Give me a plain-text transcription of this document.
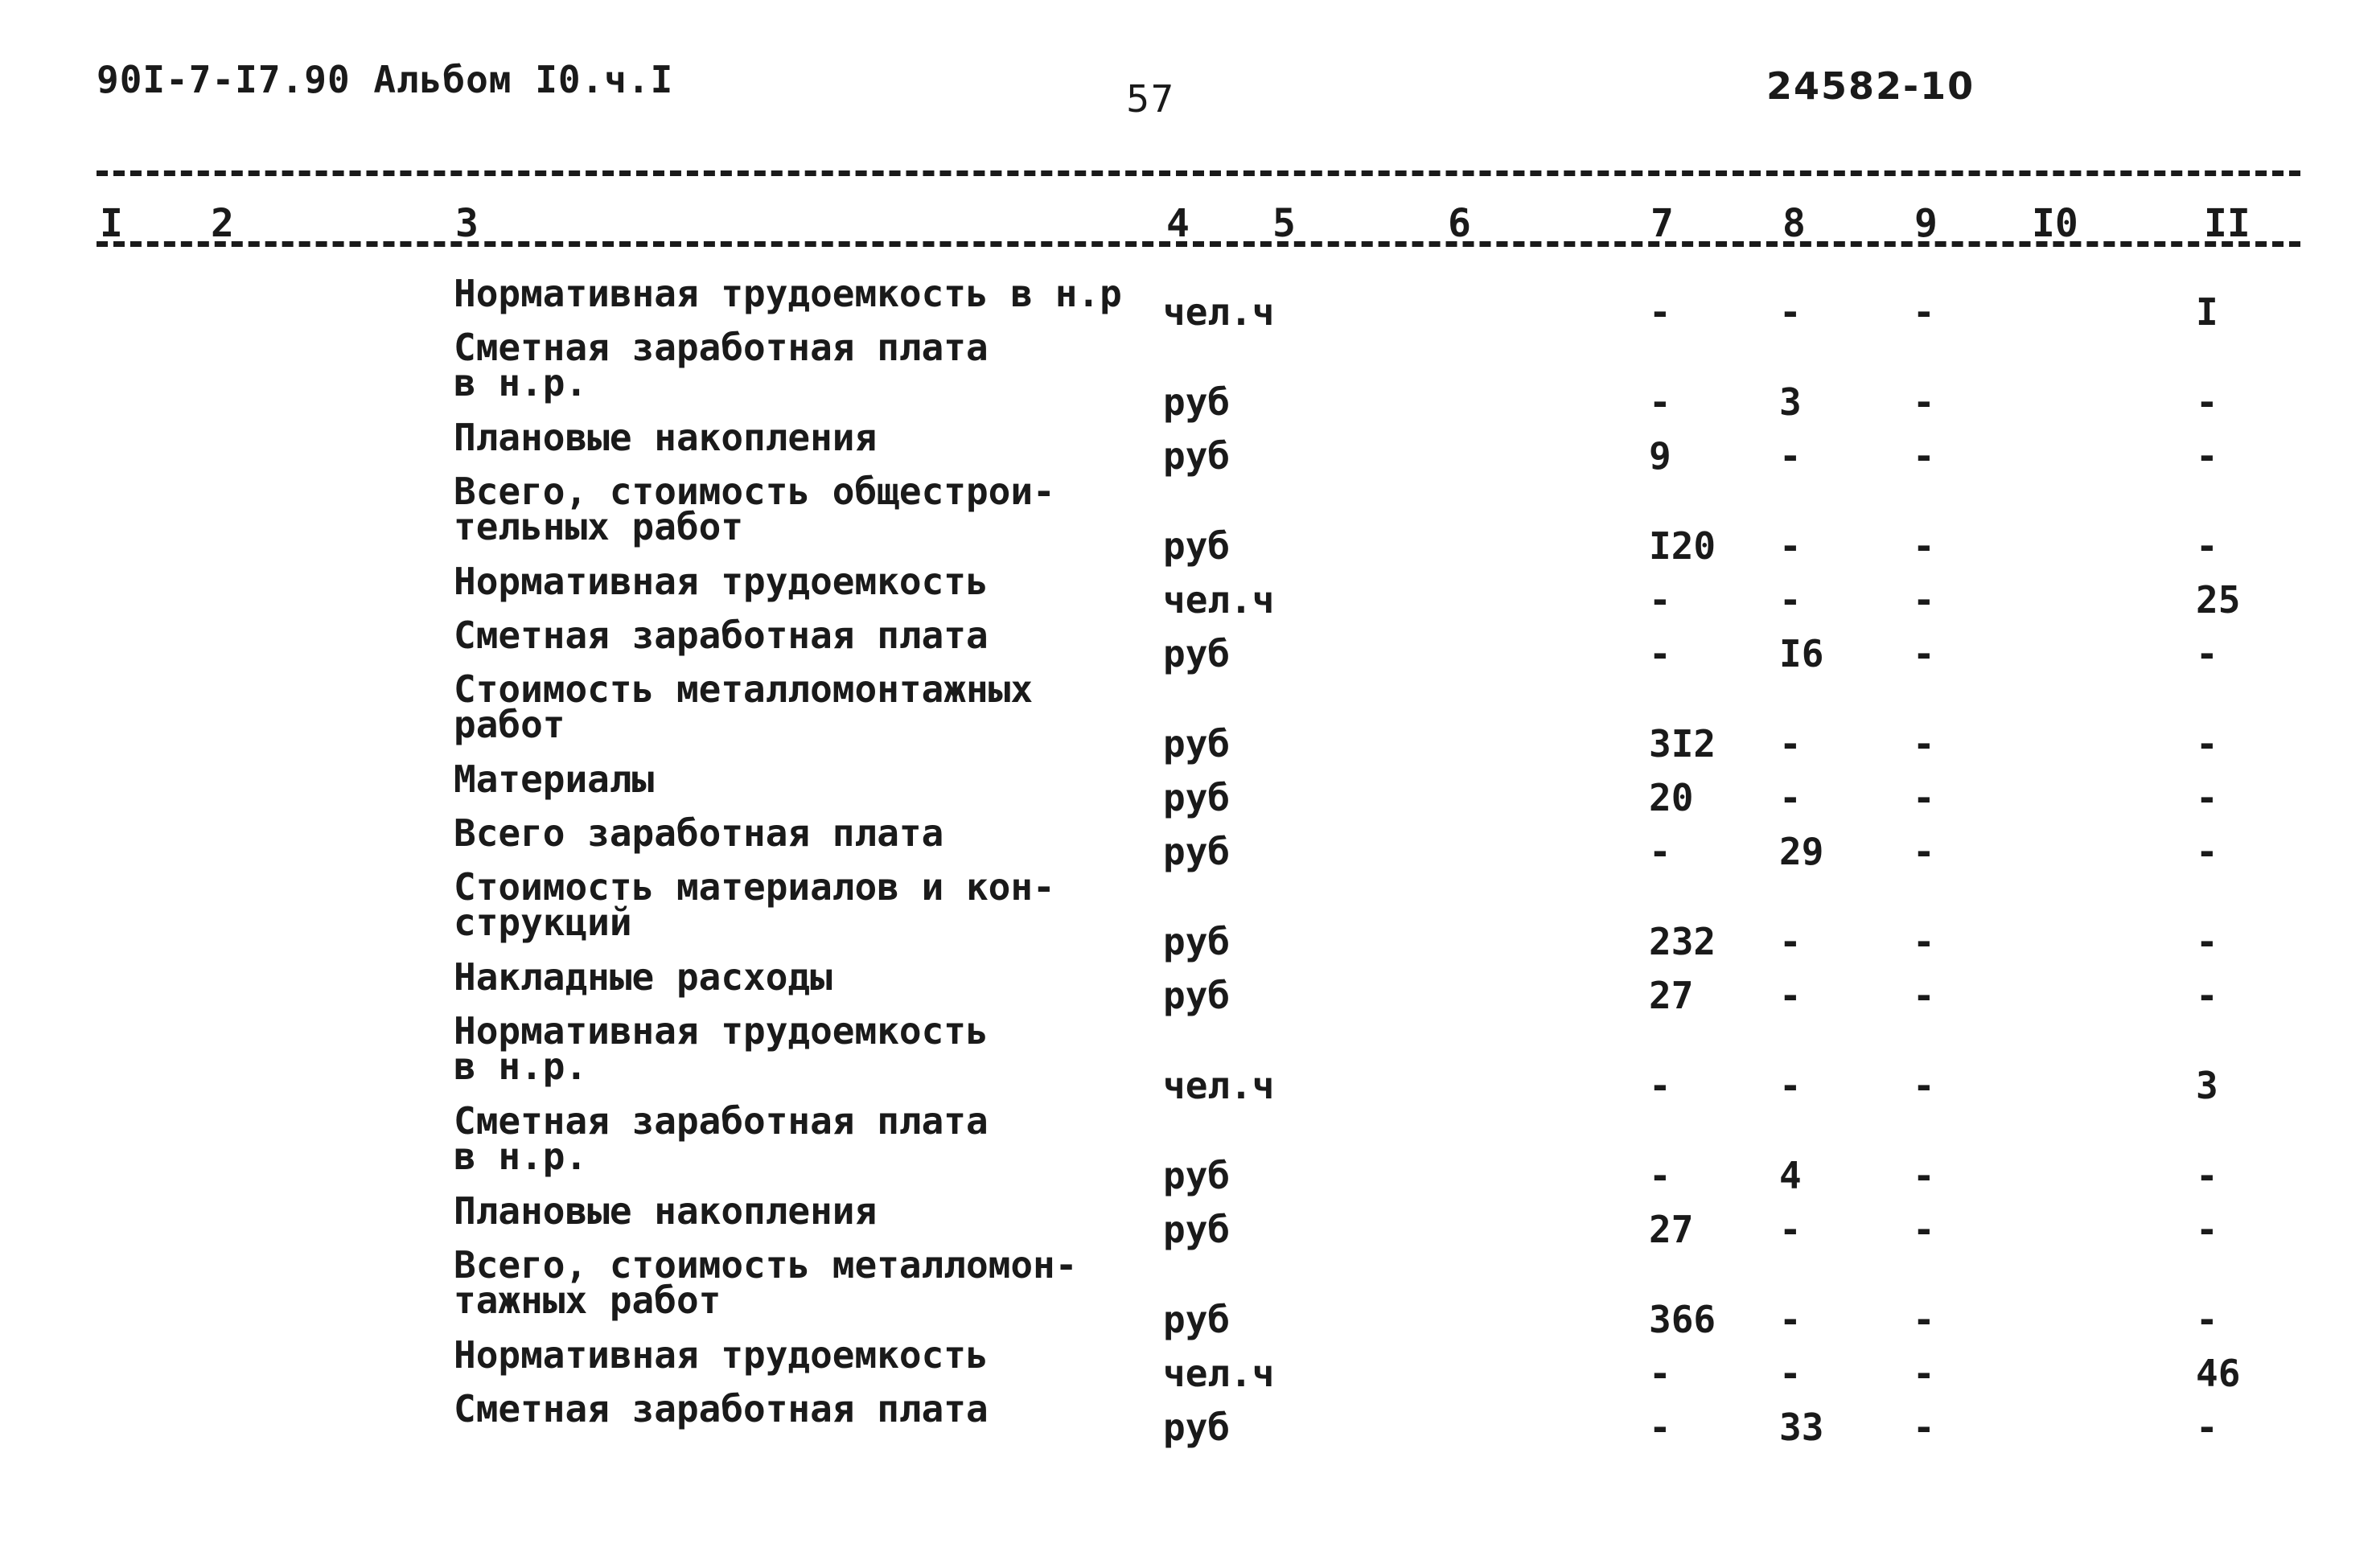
90I-7-I7.90 Альбом I0.ч.I	57	24582-10
I 2	3	4 5	6	7	8	9 I0	II
Нормативная трудоемкость в н.р	чел.ч	-	-	-	I
Сметная заработная плата
в н.р.	руб	-	3	-	-
Плановые накопления	руб	9	-	-	-
Всего, стоимость общестрои-
тельных работ	руб	I20 -	-	-
Нормативная трудоемкость	чел.ч	-	-	-	25
Сметная заработная плата	руб	-	I6 -	-
Стоимость металломонтажных
работ	руб	3I2 -	-	-
Материалы	руб	20 -	-	-
Всего заработная плата	руб	-	29 -	-
Стоимость материалов и кон-
струкций	руб	232 -	-	-
Накладные расходы	руб	27 -	-	-
Нормативная трудоемкость
в н.р.	чел.ч	-	-	-	3
Сметная заработная плата
в н.р.	руб	-	4	-	-
Плановые накопления	руб	27 -	-	-
Всего, стоимость металломон-
тажных работ	руб	366 -	-	-
Нормативная трудоемкость	чел.ч	-	-	-	46
Сметная заработная плата	руб	-	33 -	-
